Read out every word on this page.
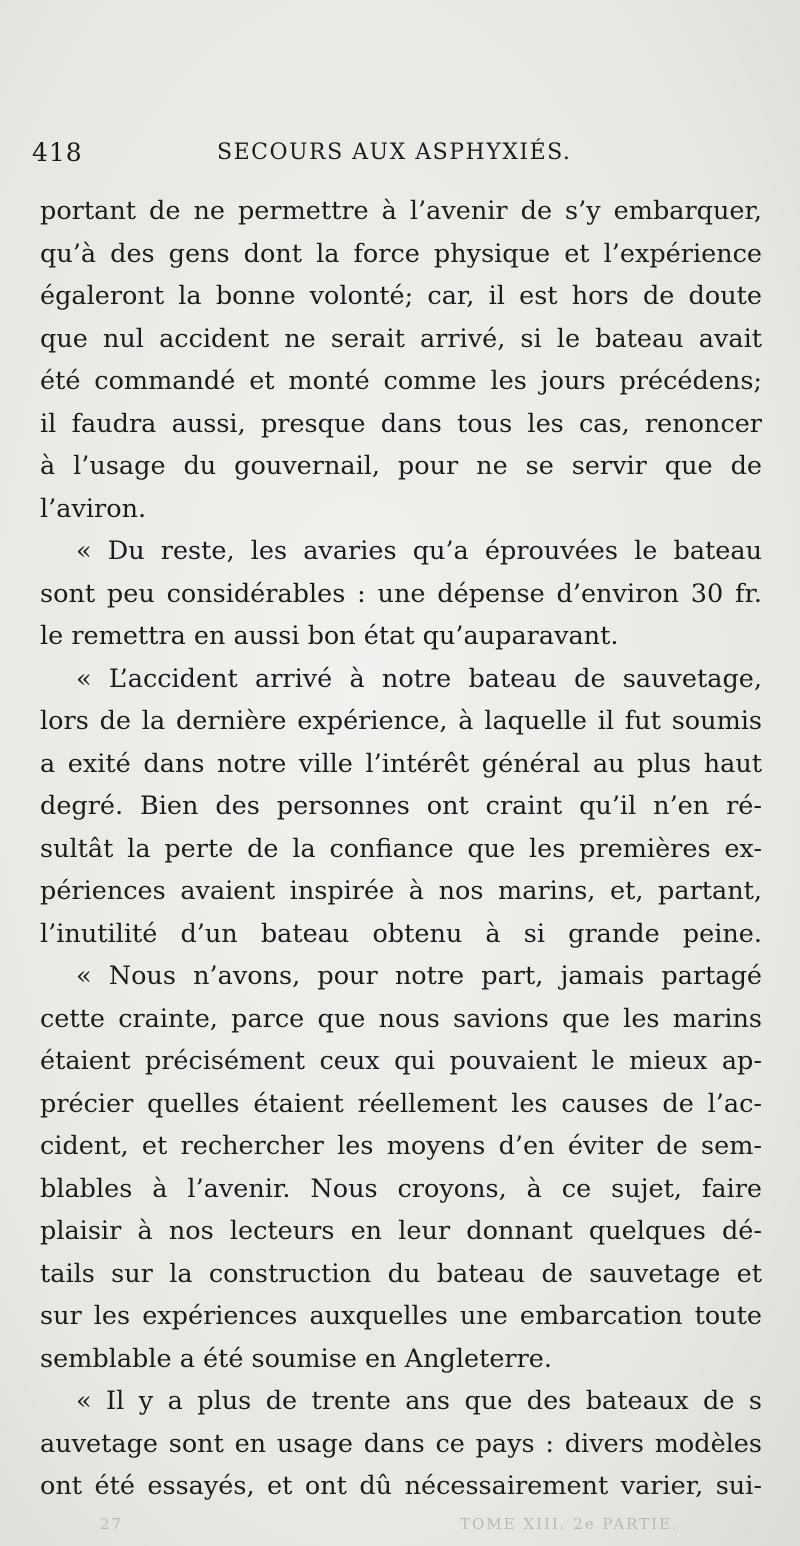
418	SECOURS AUX ASPHYXIÉS.
portant de ne permettre à l’avenir de s’y embarquer,
qu’à des gens dont la force physique et l’expérience
égaleront la bonne volonté; car, il est hors de doute
que nul accident ne serait arrivé, si le bateau avait
été commandé et monté comme les jours précédens;
il faudra aussi, presque dans tous les cas, renoncer
à l’usage du gouvernail, pour ne se servir que de
l’aviron.
« Du reste, les avaries qu’a éprouvées le bateau
sont peu considérables : une dépense d’environ 30 fr.
le remettra en aussi bon état qu’auparavant.
« L’accident arrivé à notre bateau de sauvetage,
lors de la dernière expérience, à laquelle il fut soumis
a exité dans notre ville l’intérêt général au plus haut
degré. Bien des personnes ont craint qu’il n’en ré-
sultât la perte de la confiance que les premières ex-
périences avaient inspirée à nos marins, et, partant,
l’inutilité d’un bateau obtenu à si grande peine.
« Nous n’avons, pour notre part, jamais partagé
cette crainte, parce que nous savions que les marins
étaient précisément ceux qui pouvaient le mieux ap-
précier quelles étaient réellement les causes de l’ac-
cident, et rechercher les moyens d’en éviter de sem-
blables à l’avenir. Nous croyons, à ce sujet, faire
plaisir à nos lecteurs en leur donnant quelques dé-
tails sur la construction du bateau de sauvetage et
sur les expériences auxquelles une embarcation toute
semblable a été soumise en Angleterre.
« Il y a plus de trente ans que des bateaux de s
auvetage sont en usage dans ce pays : divers modèles
ont été essayés, et ont dû nécessairement varier, sui-
27	TOME XIII. 2e PARTIE.
